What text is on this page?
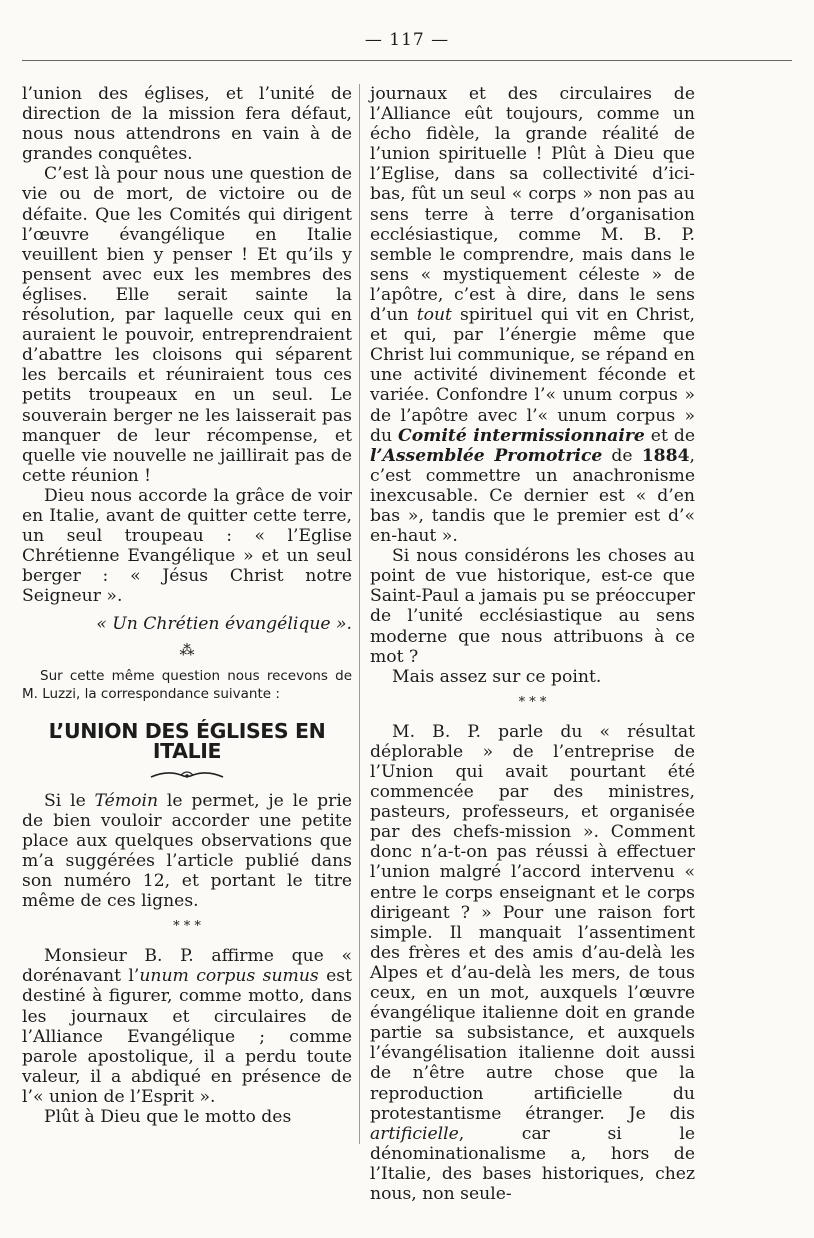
— 117 —

l’union des églises, et l’unité de direction de la mission fera défaut, nous nous attendrons en vain à de grandes conquêtes.

C’est là pour nous une question de vie ou de mort, de victoire ou de défaite. Que les Comités qui dirigent l’œuvre évangélique en Italie veuillent bien y penser ! Et qu’ils y pensent avec eux les membres des églises. Elle serait sainte la résolution, par laquelle ceux qui en auraient le pouvoir, entreprendraient d’abattre les cloisons qui séparent les bercails et réuniraient tous ces petits troupeaux en un seul. Le souverain berger ne les laisserait pas manquer de leur récompense, et quelle vie nouvelle ne jaillirait pas de cette réunion !

Dieu nous accorde la grâce de voir en Italie, avant de quitter cette terre, un seul troupeau : « l’Eglise Chrétienne Evangélique » et un seul berger : « Jésus Christ notre Seigneur ».

« Un Chrétien évangélique ».
⁂

Sur cette même question nous recevons de M. Luzzi, la correspondance suivante :

L’UNION DES ÉGLISES EN ITALIE

Si le Témoin le permet, je le prie de bien vouloir accorder une petite place aux quelques observations que m’a suggérées l’article publié dans son numéro 12, et portant le titre même de ces lignes.

* * *

Monsieur B. P. affirme que « dorénavant l’unum corpus sumus est destiné à figurer, comme motto, dans les journaux et circulaires de l’Alliance Evangélique ; comme parole apostolique, il a perdu toute valeur, il a abdiqué en présence de l’« union de l’Esprit ».

Plût à Dieu que le motto des

journaux et des circulaires de l’Alliance eût toujours, comme un écho fidèle, la grande réalité de l’union spirituelle ! Plût à Dieu que l’Eglise, dans sa collectivité d’ici-bas, fût un seul « corps » non pas au sens terre à terre d’organisation ecclésiastique, comme M. B. P. semble le comprendre, mais dans le sens « mystiquement céleste » de l’apôtre, c’est à dire, dans le sens d’un tout spirituel qui vit en Christ, et qui, par l’énergie même que Christ lui communique, se répand en une activité divinement féconde et variée. Confondre l’« unum corpus » de l’apôtre avec l’« unum corpus » du Comité intermissionnaire et de l’Assemblée Promotrice de 1884, c’est commettre un anachronisme inexcusable. Ce dernier est « d’en bas », tandis que le premier est d’« en-haut ».

Si nous considérons les choses au point de vue historique, est-ce que Saint-Paul a jamais pu se préoccuper de l’unité ecclésiastique au sens moderne que nous attribuons à ce mot ?

Mais assez sur ce point.

* * *

M. B. P. parle du « résultat déplorable » de l’entreprise de l’Union qui avait pourtant été commencée par des ministres, pasteurs, professeurs, et organisée par des chefs-mission ». Comment donc n’a-t-on pas réussi à effectuer l’union malgré l’accord intervenu « entre le corps enseignant et le corps dirigeant ? » Pour une raison fort simple. Il manquait l’assentiment des frères et des amis d’au-delà les Alpes et d’au-delà les mers, de tous ceux, en un mot, auxquels l’œuvre évangélique italienne doit en grande partie sa subsistance, et auxquels l’évangélisation italienne doit aussi de n’être autre chose que la reproduction artificielle du protestantisme étranger. Je dis artificielle, car si le dénominationalisme a, hors de l’Italie, des bases historiques, chez nous, non seule-
